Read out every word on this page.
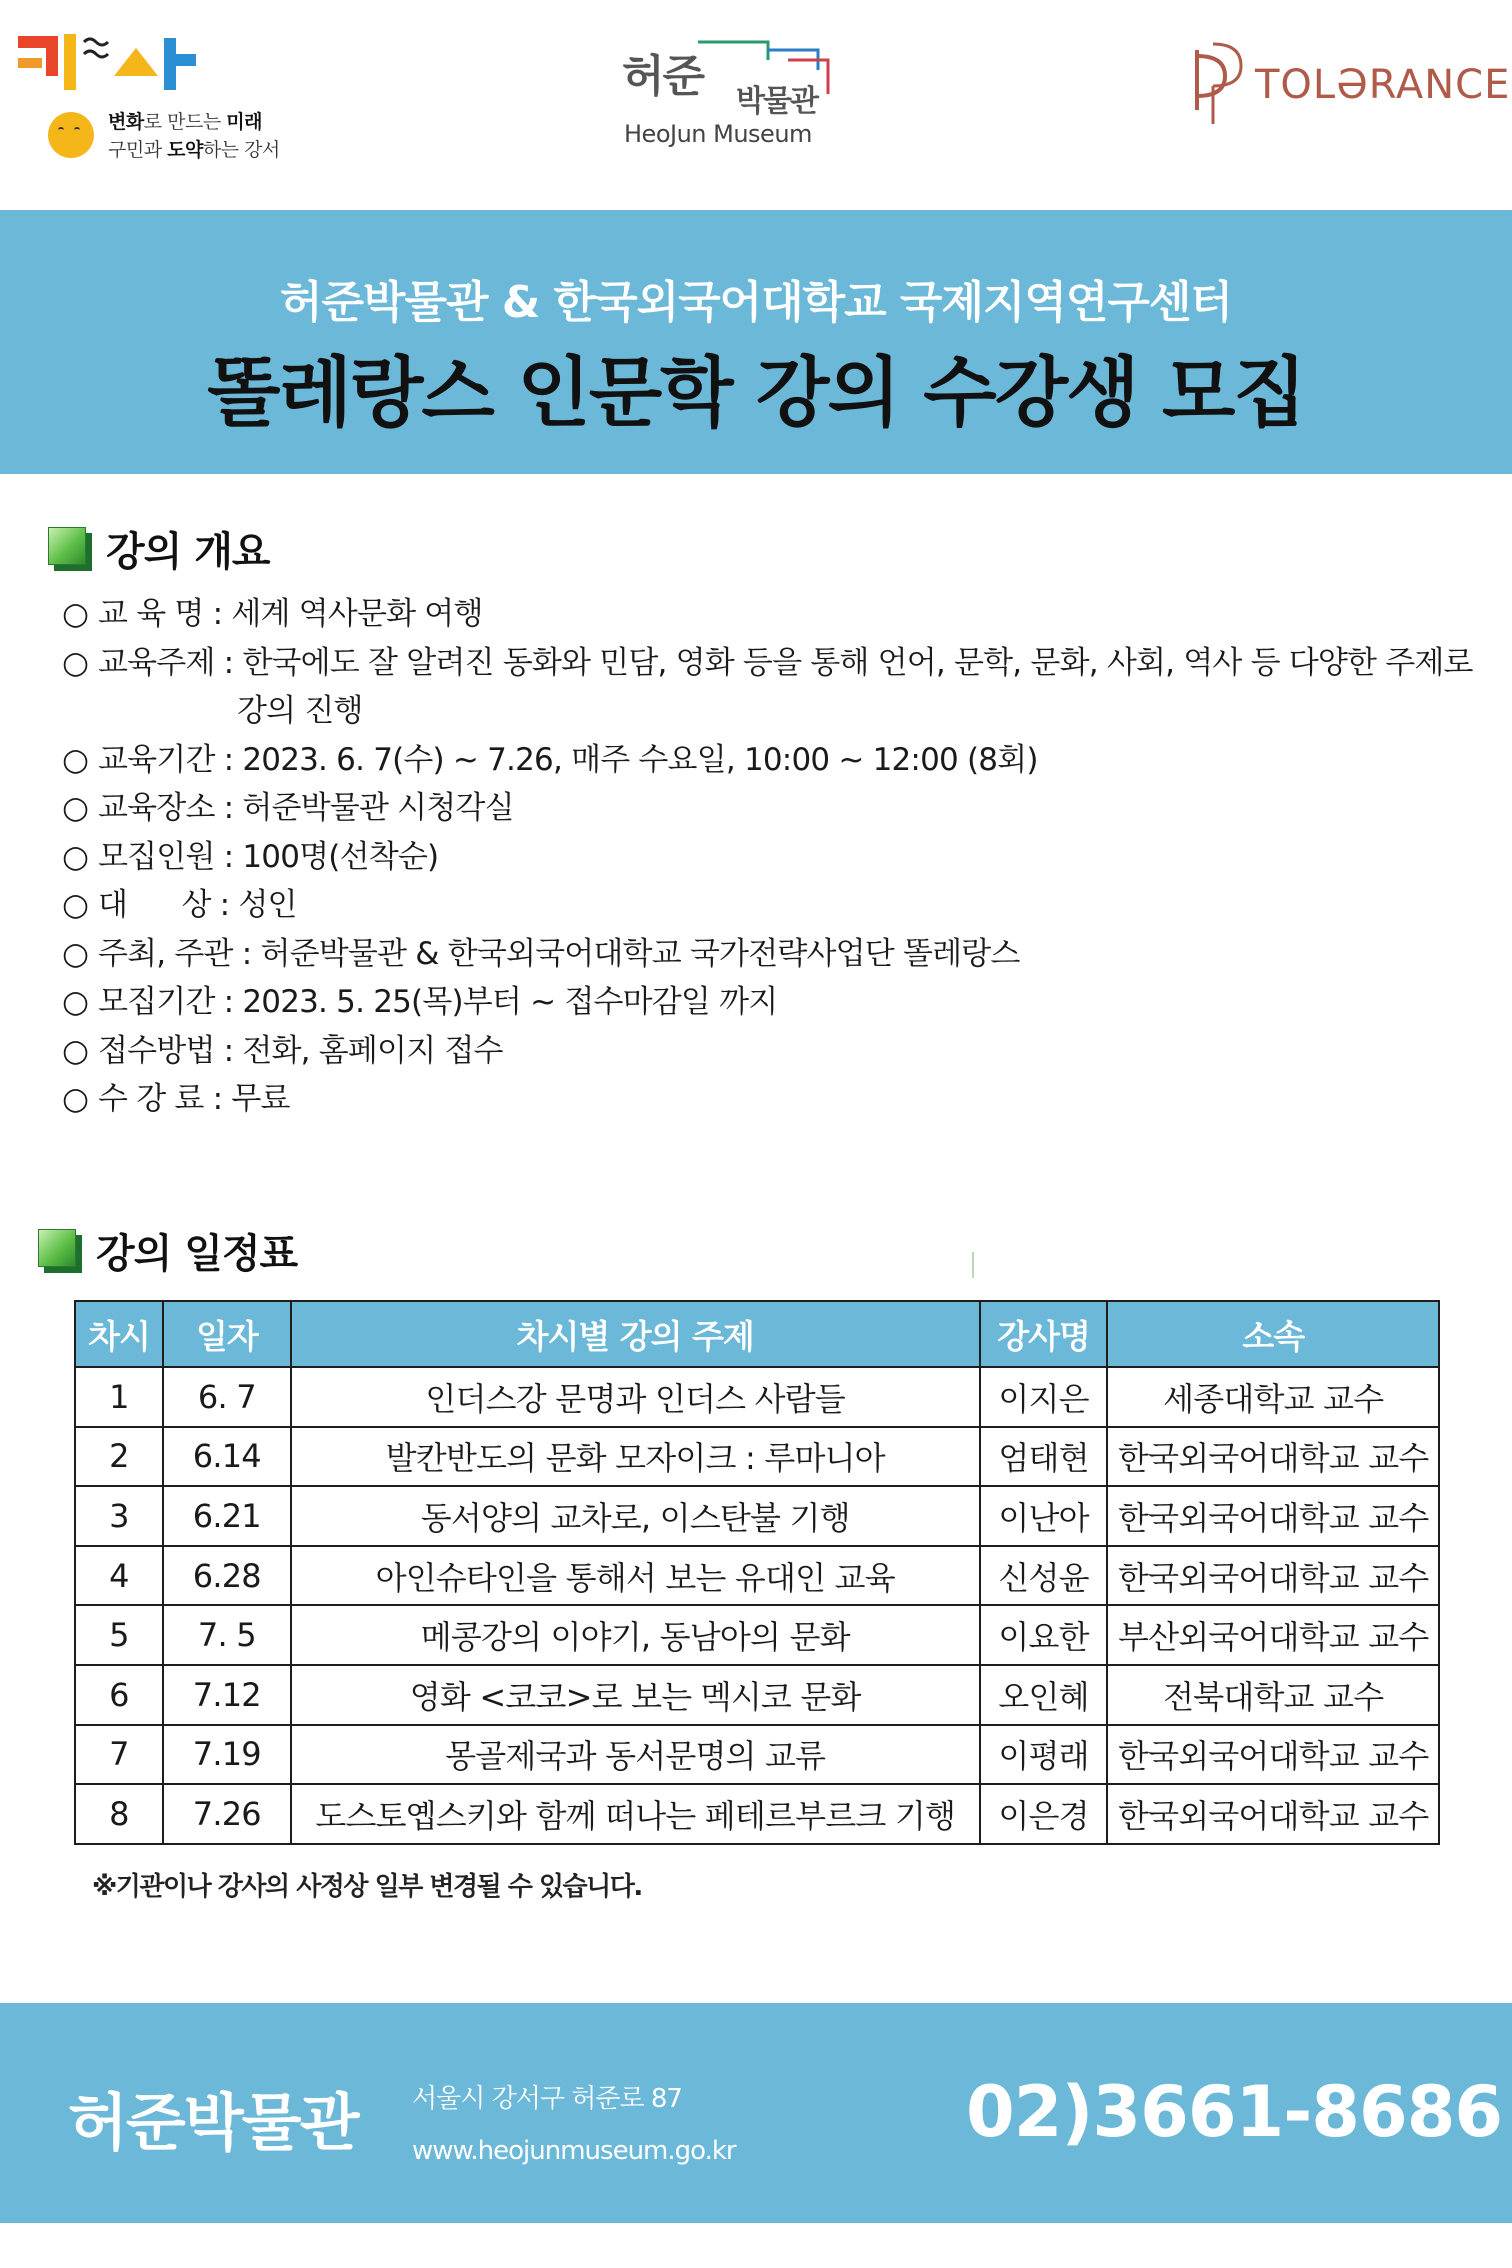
변화로 만드는 미래
구민과 도약하는 강서
허준 박물관
HeoJun Museum
TOLƏRANCE
허준박물관 & 한국외국어대학교 국제지역연구센터
똘레랑스 인문학 강의 수강생 모집
강의 개요
○ 교 육 명 : 세계 역사문화 여행
○ 교육주제 : 한국에도 잘 알려진 동화와 민담, 영화 등을 통해 언어, 문학, 문화, 사회, 역사 등 다양한 주제로
강의 진행
○ 교육기간 : 2023. 6. 7(수) ~ 7.26, 매주 수요일, 10:00 ~ 12:00 (8회)
○ 교육장소 : 허준박물관 시청각실
○ 모집인원 : 100명(선착순)
○ 대      상 : 성인
○ 주최, 주관 : 허준박물관 & 한국외국어대학교 국가전략사업단 똘레랑스
○ 모집기간 : 2023. 5. 25(목)부터 ~ 접수마감일 까지
○ 접수방법 : 전화, 홈페이지 접수
○ 수 강 료 : 무료
강의 일정표
차시	일자	차시별 강의 주제	강사명	소속
1	6. 7	인더스강 문명과 인더스 사람들	이지은	세종대학교 교수
2	6.14	발칸반도의 문화 모자이크 : 루마니아	엄태현	한국외국어대학교 교수
3	6.21	동서양의 교차로, 이스탄불 기행	이난아	한국외국어대학교 교수
4	6.28	아인슈타인을 통해서 보는 유대인 교육	신성윤	한국외국어대학교 교수
5	7. 5	메콩강의 이야기, 동남아의 문화	이요한	부산외국어대학교 교수
6	7.12	영화 <코코>로 보는 멕시코 문화	오인혜	전북대학교 교수
7	7.19	몽골제국과 동서문명의 교류	이평래	한국외국어대학교 교수
8	7.26	도스토옙스키와 함께 떠나는 페테르부르크 기행	이은경	한국외국어대학교 교수
※기관이나 강사의 사정상 일부 변경될 수 있습니다.
허준박물관 서울시 강서구 허준로 87
www.heojunmuseum.go.kr	02)3661-8686
